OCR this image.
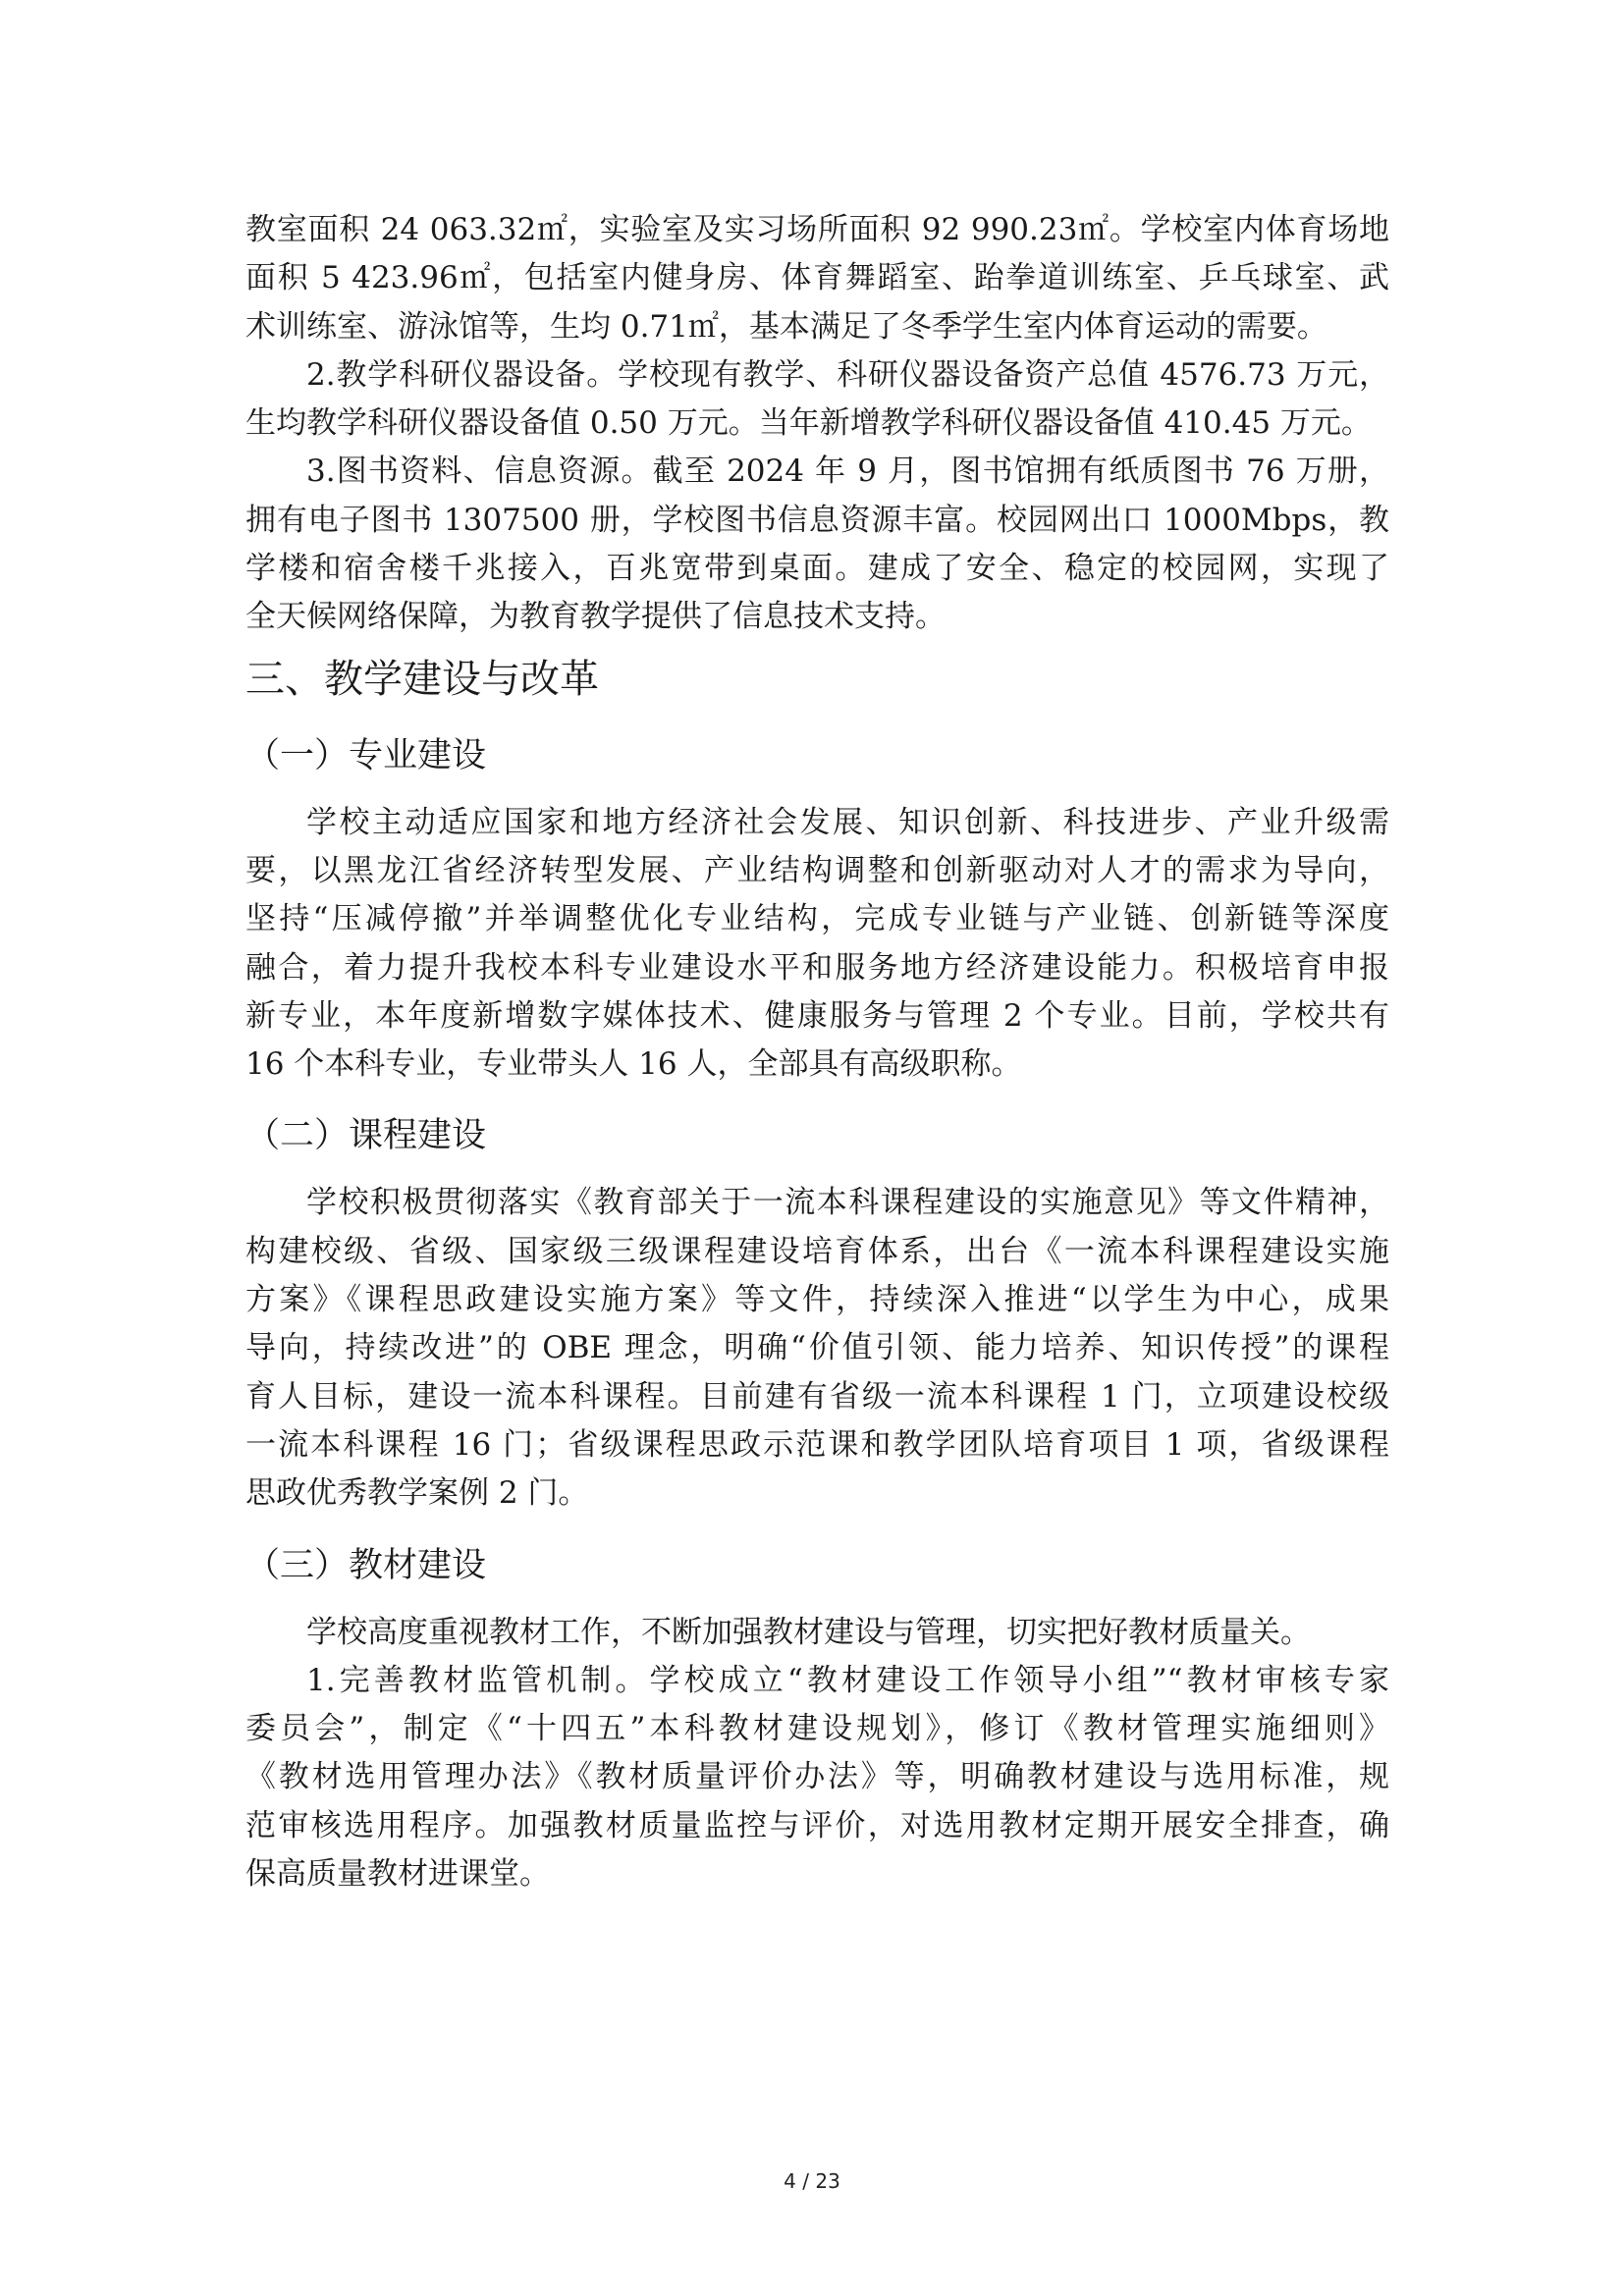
教室面积 24 063.32㎡，实验室及实习场所面积 92 990.23㎡。学校室内体育场地
面积 5 423.96㎡，包括室内健身房、体育舞蹈室、跆拳道训练室、乒乓球室、武
术训练室、游泳馆等，生均 0.71㎡，基本满足了冬季学生室内体育运动的需要。
2.教学科研仪器设备。学校现有教学、科研仪器设备资产总值 4576.73 万元，
生均教学科研仪器设备值 0.50 万元。当年新增教学科研仪器设备值 410.45 万元。
3.图书资料、信息资源。截至 2024 年 9 月，图书馆拥有纸质图书 76 万册，
拥有电子图书 1307500 册，学校图书信息资源丰富。校园网出口 1000Mbps，教
学楼和宿舍楼千兆接入，百兆宽带到桌面。建成了安全、稳定的校园网，实现了
全天候网络保障，为教育教学提供了信息技术支持。
三、教学建设与改革
（一）专业建设
学校主动适应国家和地方经济社会发展、知识创新、科技进步、产业升级需
要，以黑龙江省经济转型发展、产业结构调整和创新驱动对人才的需求为导向，
坚持“压减停撤”并举调整优化专业结构，完成专业链与产业链、创新链等深度
融合，着力提升我校本科专业建设水平和服务地方经济建设能力。积极培育申报
新专业，本年度新增数字媒体技术、健康服务与管理 2 个专业。目前，学校共有
16 个本科专业，专业带头人 16 人，全部具有高级职称。
（二）课程建设
学校积极贯彻落实《教育部关于一流本科课程建设的实施意见》等文件精神，
构建校级、省级、国家级三级课程建设培育体系，出台《一流本科课程建设实施
方案》《课程思政建设实施方案》等文件，持续深入推进“以学生为中心，成果
导向，持续改进”的 OBE 理念，明确“价值引领、能力培养、知识传授”的课程
育人目标，建设一流本科课程。目前建有省级一流本科课程 1 门，立项建设校级
一流本科课程 16 门；省级课程思政示范课和教学团队培育项目 1 项，省级课程
思政优秀教学案例 2 门。
（三）教材建设
学校高度重视教材工作，不断加强教材建设与管理，切实把好教材质量关。
1.完善教材监管机制。学校成立“教材建设工作领导小组”“教材审核专家
委员会”，制定《“十四五”本科教材建设规划》，修订《教材管理实施细则》
《教材选用管理办法》《教材质量评价办法》等，明确教材建设与选用标准，规
范审核选用程序。加强教材质量监控与评价，对选用教材定期开展安全排查，确
保高质量教材进课堂。
4 / 23
